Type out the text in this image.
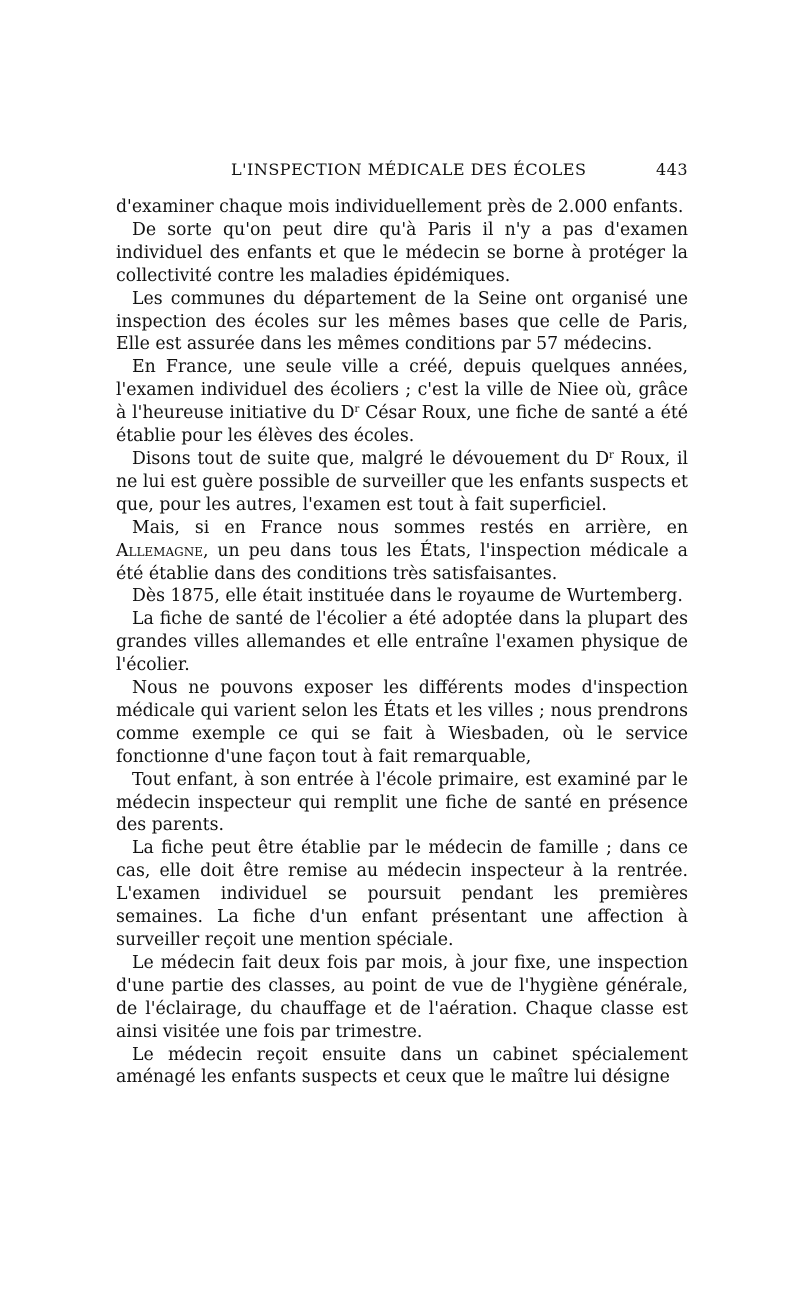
L'INSPECTION MÉDICALE DES ÉCOLES	443

d'examiner chaque mois individuellement près de 2.000 enfants.

De sorte qu'on peut dire qu'à Paris il n'y a pas d'examen individuel des enfants et que le médecin se borne à protéger la collectivité contre les maladies épidémiques.

Les communes du département de la Seine ont organisé une inspection des écoles sur les mêmes bases que celle de Paris, Elle est assurée dans les mêmes conditions par 57 médecins.

En France, une seule ville a créé, depuis quelques années, l'examen individuel des écoliers ; c'est la ville de Niee où, grâce à l'heureuse initiative du $D^r$ César Roux, une fiche de santé a été établie pour les élèves des écoles.

Disons tout de suite que, malgré le dévouement du $D^r$ Roux, il ne lui est guère possible de surveiller que les enfants suspects et que, pour les autres, l'examen est tout à fait superficiel.

Mais, si en France nous sommes restés en arrière, en Allemagne, un peu dans tous les États, l'inspection médicale a été établie dans des conditions très satisfaisantes.

Dès 1875, elle était instituée dans le royaume de Wurtemberg.

La fiche de santé de l'écolier a été adoptée dans la plupart des grandes villes allemandes et elle entraîne l'examen physique de l'écolier.

Nous ne pouvons exposer les différents modes d'inspection médicale qui varient selon les États et les villes ; nous prendrons comme exemple ce qui se fait à Wiesbaden, où le service fonctionne d'une façon tout à fait remarquable,

Tout enfant, à son entrée à l'école primaire, est examiné par le médecin inspecteur qui remplit une fiche de santé en présence des parents.

La fiche peut être établie par le médecin de famille ; dans ce cas, elle doit être remise au médecin inspecteur à la rentrée. L'examen individuel se poursuit pendant les premières semaines. La fiche d'un enfant présentant une affection à surveiller reçoit une mention spéciale.

Le médecin fait deux fois par mois, à jour fixe, une inspection d'une partie des classes, au point de vue de l'hygiène générale, de l'éclairage, du chauffage et de l'aération. Chaque classe est ainsi visitée une fois par trimestre.

Le médecin reçoit ensuite dans un cabinet spécialement aménagé les enfants suspects et ceux que le maître lui désigne
